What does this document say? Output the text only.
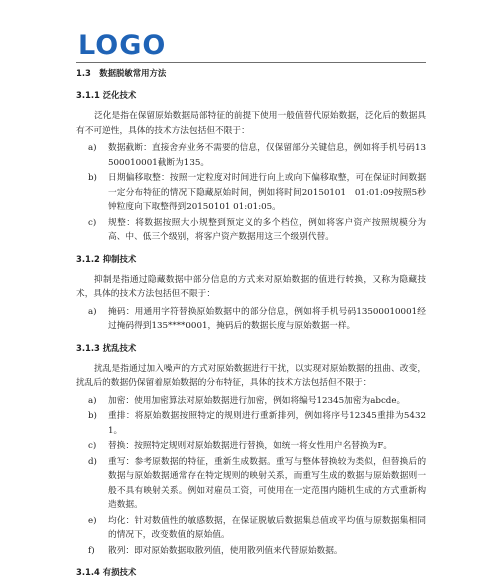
LOGO
1.3　数据脱敏常用方法
3.1.1 泛化技术

泛化是指在保留原始数据局部特征的前提下使用一般值替代原始数据，泛化后的数据具有不可逆性，具体的技术方法包括但不限于：

a)	数据截断：直接舍弃业务不需要的信息，仅保留部分关键信息，例如将手机号码13500010001截断为135。
b)	日期偏移取整：按照一定粒度对时间进行向上或向下偏移取整，可在保证时间数据一定分布特征的情况下隐藏原始时间，例如将时间20150101　01:01:09按照5秒钟粒度向下取整得到20150101 01:01:05。
c)	规整：将数据按照大小规整到预定义的多个档位，例如将客户资产按照规模分为高、中、低三个级别，将客户资产数据用这三个级别代替。
3.1.2 抑制技术

抑制是指通过隐藏数据中部分信息的方式来对原始数据的值进行转换，又称为隐藏技术，具体的技术方法包括但不限于：

a)	掩码：用通用字符替换原始数据中的部分信息，例如将手机号码13500010001经过掩码得到135****0001，掩码后的数据长度与原始数据一样。
3.1.3 扰乱技术

扰乱是指通过加入噪声的方式对原始数据进行干扰，以实现对原始数据的扭曲、改变，扰乱后的数据仍保留着原始数据的分布特征，具体的技术方法包括但不限于：

a)	加密：使用加密算法对原始数据进行加密，例如将编号12345加密为abcde。
b)	重排：将原始数据按照特定的规则进行重新排列，例如将序号12345重排为54321。
c)	替换：按照特定规则对原始数据进行替换，如统一将女性用户名替换为F。
d)	重写：参考原数据的特征，重新生成数据。重写与整体替换较为类似，但替换后的数据与原始数据通常存在特定规则的映射关系，而重写生成的数据与原始数据则一般不具有映射关系。例如对雇员工资，可使用在一定范围内随机生成的方式重新构造数据。
e)	均化：针对数值性的敏感数据，在保证脱敏后数据集总值或平均值与原数据集相同的情况下，改变数值的原始值。
f)	散列：即对原始数据取散列值，使用散列值来代替原始数据。
3.1.4 有损技术
